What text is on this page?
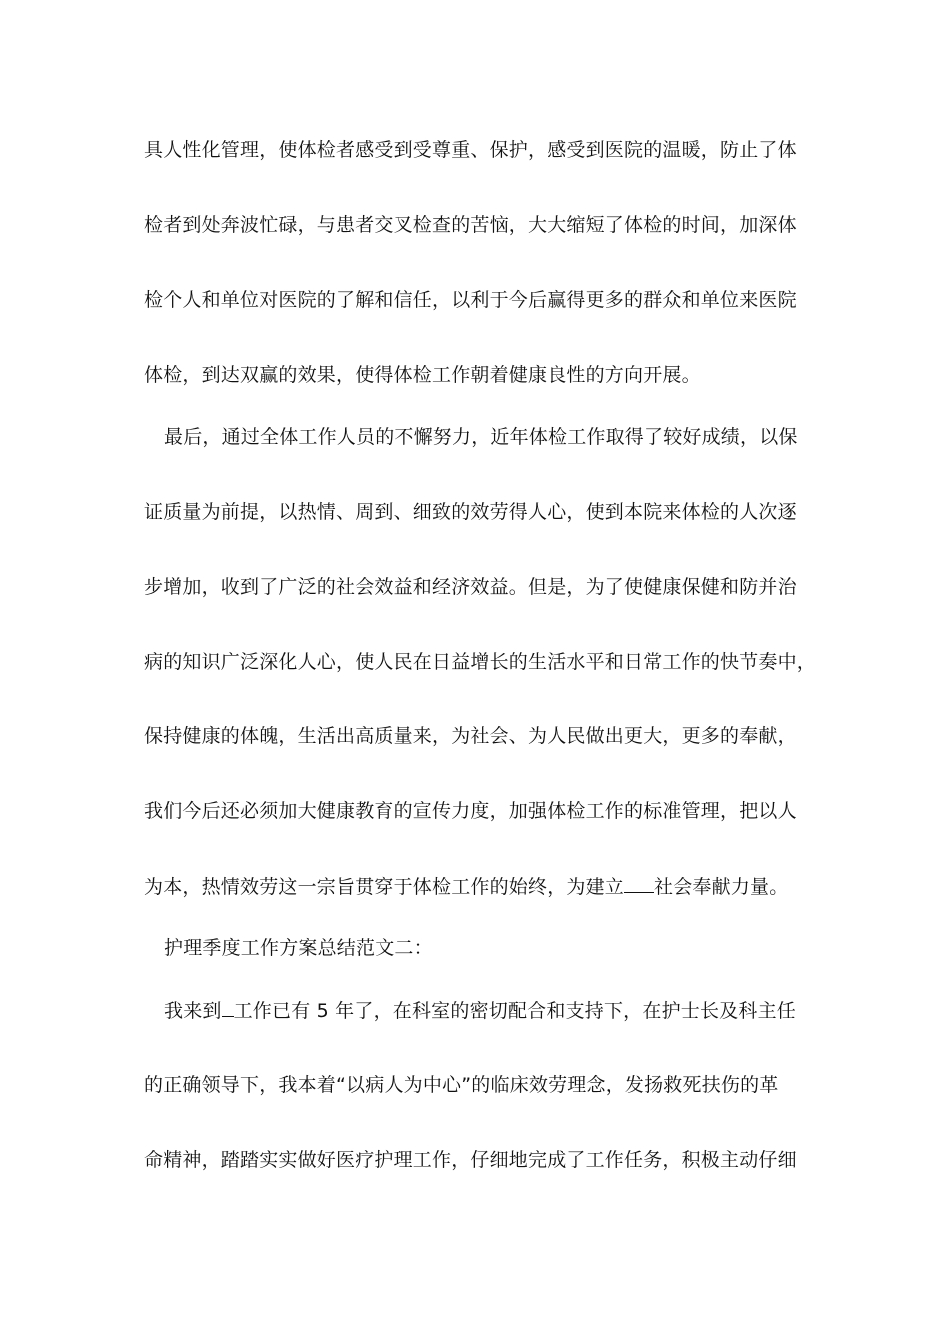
具人性化管理，使体检者感受到受尊重、保护，感受到医院的温暖，防止了体
检者到处奔波忙碌，与患者交叉检查的苦恼，大大缩短了体检的时间，加深体
检个人和单位对医院的了解和信任，以利于今后赢得更多的群众和单位来医院
体检，到达双赢的效果，使得体检工作朝着健康良性的方向开展。
最后，通过全体工作人员的不懈努力，近年体检工作取得了较好成绩，以保
证质量为前提，以热情、周到、细致的效劳得人心，使到本院来体检的人次逐
步增加，收到了广泛的社会效益和经济效益。但是，为了使健康保健和防并治
病的知识广泛深化人心，使人民在日益增长的生活水平和日常工作的快节奏中，
保持健康的体魄，生活出高质量来，为社会、为人民做出更大，更多的奉献，
我们今后还必须加大健康教育的宣传力度，加强体检工作的标准管理，把以人
为本，热情效劳这一宗旨贯穿于体检工作的始终，为建立 社会奉献力量。
护理季度工作方案总结范文二：
我来到 工作已有 5 年了，在科室的密切配合和支持下，在护士长及科主任
的正确领导下，我本着“以病人为中心”的临床效劳理念，发扬救死扶伤的革
命精神，踏踏实实做好医疗护理工作，仔细地完成了工作任务，积极主动仔细
